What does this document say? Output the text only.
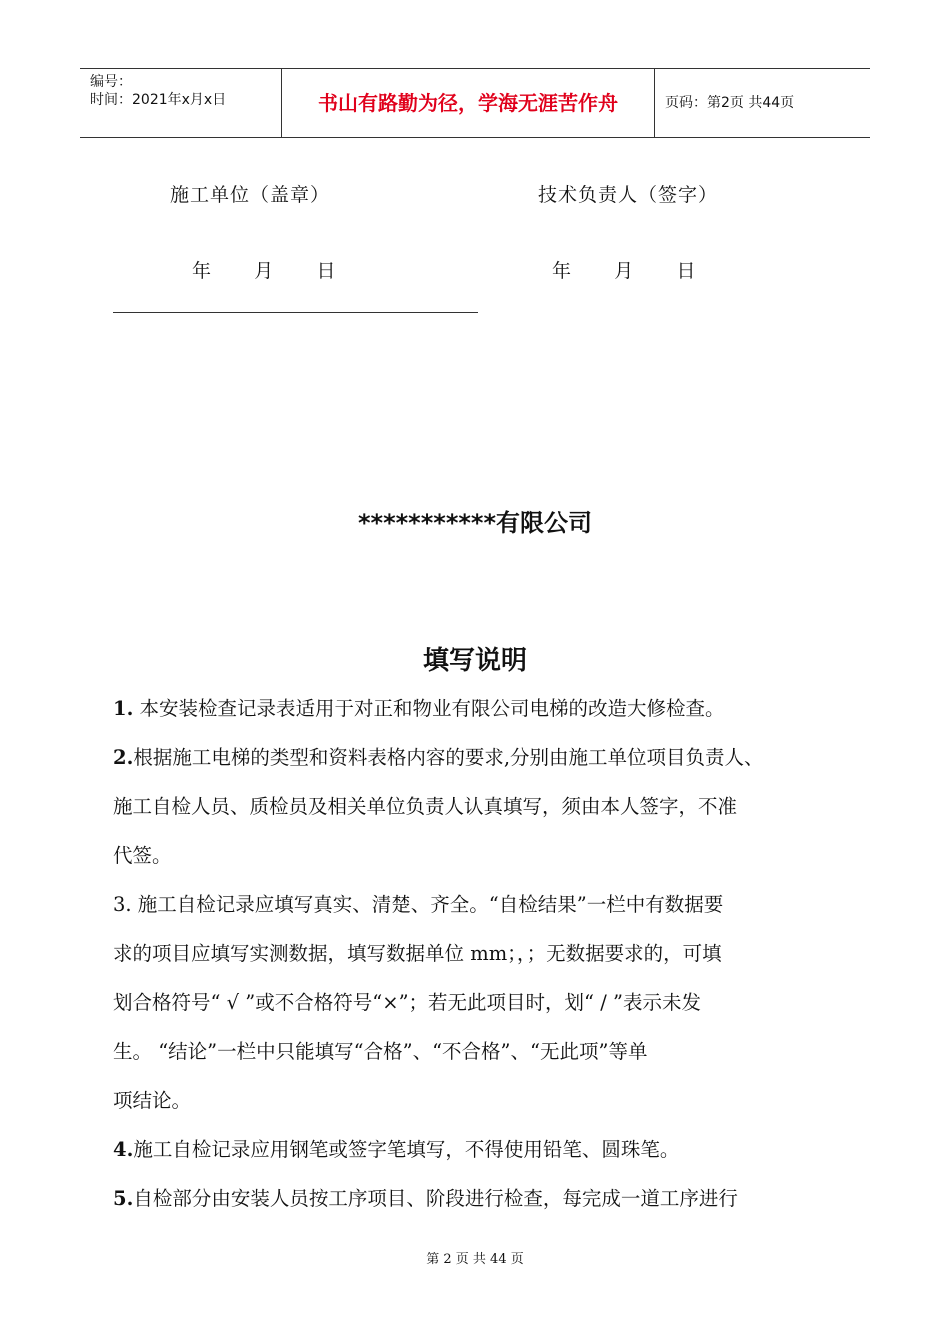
编号：
时间：2021年x月x日	书山有路勤为径，学海无涯苦作舟	页码：第2页 共44页
施工单位（盖章）	技术负责人（签字）
年      月      日	年      月      日
***********有限公司
填写说明
1. 本安装检查记录表适用于对正和物业有限公司电梯的改造大修检查。
2.根据施工电梯的类型和资料表格内容的要求,分别由施工单位项目负责人、
施工自检人员、质检员及相关单位负责人认真填写，须由本人签字，不准
代签。
3. 施工自检记录应填写真实、清楚、齐全。“自检结果”一栏中有数据要
求的项目应填写实测数据，填写数据单位 mm；，；无数据要求的，可填
划合格符号“ √ ”或不合格符号“×”；若无此项目时，划“ / ”表示未发
生。 “结论”一栏中只能填写“合格”、“不合格”、“无此项”等单
项结论。
4.施工自检记录应用钢笔或签字笔填写，不得使用铅笔、圆珠笔。
5.自检部分由安装人员按工序项目、阶段进行检查，每完成一道工序进行
第 2 页 共 44 页
